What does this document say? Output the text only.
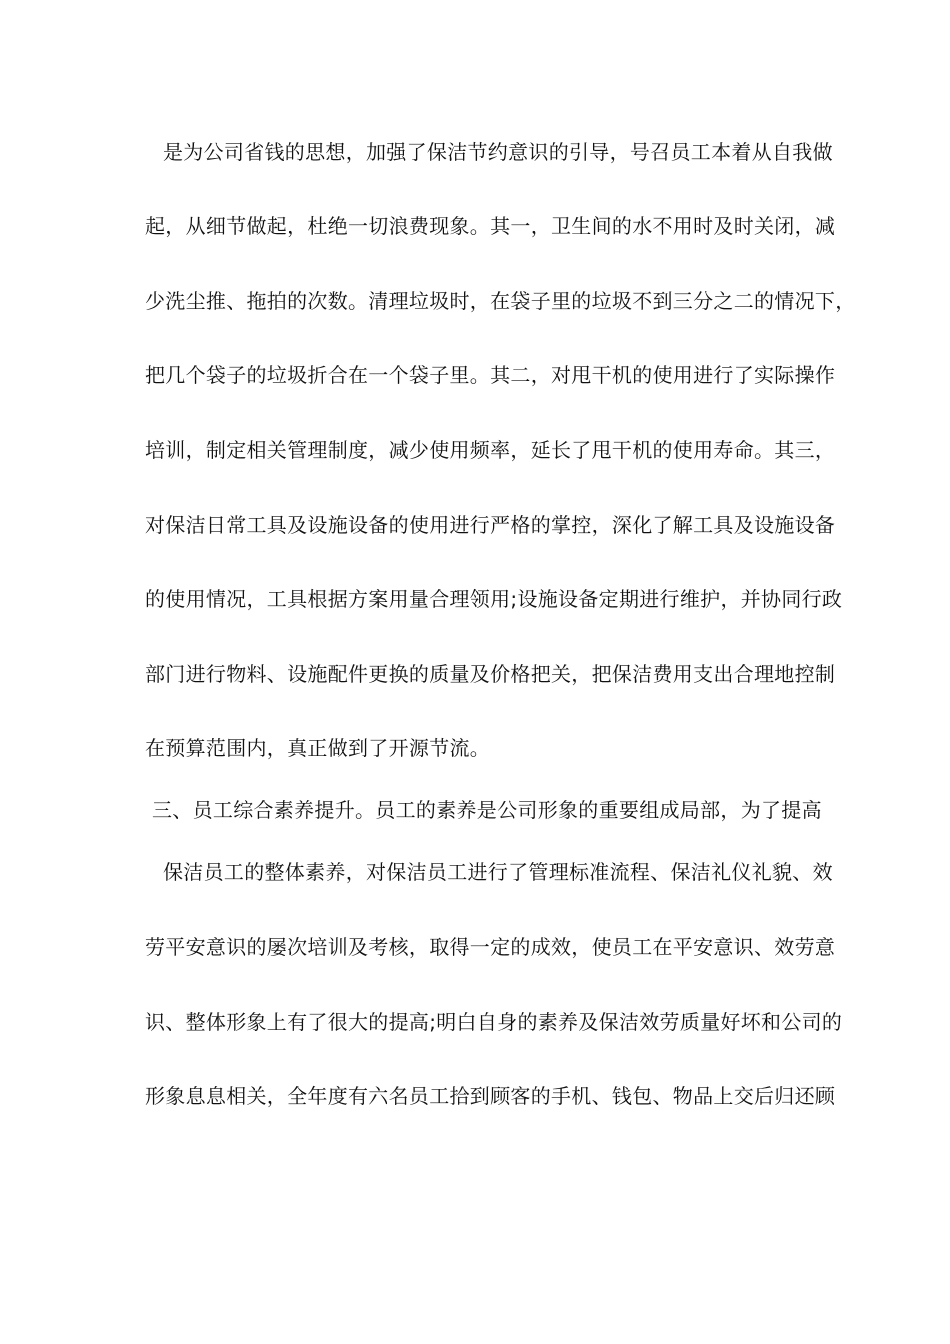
是为公司省钱的思想，加强了保洁节约意识的引导，号召员工本着从自我做
起，从细节做起，杜绝一切浪费现象。其一，卫生间的水不用时及时关闭，减
少洗尘推、拖拍的次数。清理垃圾时，在袋子里的垃圾不到三分之二的情况下，
把几个袋子的垃圾折合在一个袋子里。其二，对甩干机的使用进行了实际操作
培训，制定相关管理制度，减少使用频率，延长了甩干机的使用寿命。其三，
对保洁日常工具及设施设备的使用进行严格的掌控，深化了解工具及设施设备
的使用情况，工具根据方案用量合理领用;设施设备定期进行维护，并协同行政
部门进行物料、设施配件更换的质量及价格把关，把保洁费用支出合理地控制
在预算范围内，真正做到了开源节流。
三、员工综合素养提升。员工的素养是公司形象的重要组成局部，为了提高
保洁员工的整体素养，对保洁员工进行了管理标准流程、保洁礼仪礼貌、效
劳平安意识的屡次培训及考核，取得一定的成效，使员工在平安意识、效劳意
识、整体形象上有了很大的提高;明白自身的素养及保洁效劳质量好坏和公司的
形象息息相关，全年度有六名员工拾到顾客的手机、钱包、物品上交后归还顾
